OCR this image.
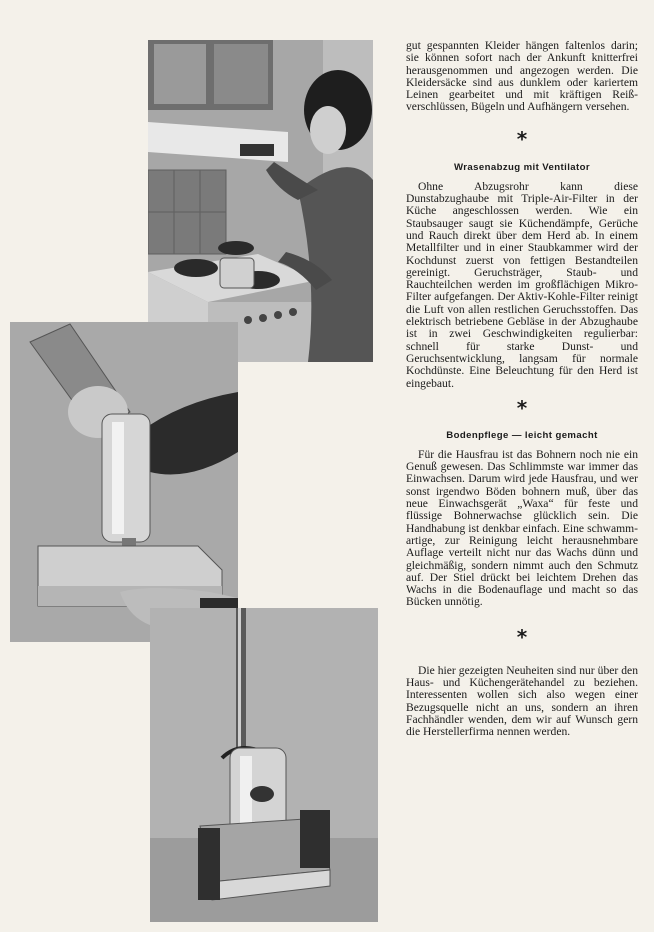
gut gespannten Kleider hängen faltenlos darin; sie können sofort nach der Ankunft knitterfrei herausgenommen und angezogen werden. Die Kleidersäcke sind aus dunklem oder kariertem Leinen gearbeitet und mit kräftigen Reißverschlüssen, Bügeln und Aufhängern versehen.

*

Wrasenabzug mit Ventilator

Ohne Abzugsrohr kann diese Dunstabzughaube mit Triple-Air-Filter in der Küche angeschlossen werden. Wie ein Staubsauger saugt sie Küchendämpfe, Gerüche und Rauch direkt über dem Herd ab. In einem Metallfilter und in einer Staubkammer wird der Kochdunst zuerst von fettigen Bestandteilen gereinigt. Geruchsträger, Staub- und Rauchteilchen werden im großflächigen Mikro-Filter aufgefangen. Der Aktiv-Kohle-Filter reinigt die Luft von allen restlichen Geruchsstoffen. Das elektrisch betriebene Gebläse in der Abzughaube ist in zwei Geschwindigkeiten regulierbar: schnell für starke Dunst- und Geruchsentwicklung, langsam für normale Kochdünste. Eine Beleuchtung für den Herd ist eingebaut.

*

Bodenpflege — leicht gemacht

Für die Hausfrau ist das Bohnern noch nie ein Genuß gewesen. Das Schlimmste war immer das Einwachsen. Darum wird jede Hausfrau, und wer sonst irgendwo Böden bohnern muß, über das neue Einwachsgerät „Waxa“ für feste und flüssige Bohnerwachse glücklich sein. Die Handhabung ist denkbar einfach. Eine schwammartige, zur Reinigung leicht herausnehmbare Auflage verteilt nicht nur das Wachs dünn und gleichmäßig, sondern nimmt auch den Schmutz auf. Der Stiel drückt bei leichtem Drehen das Wachs in die Bodenauflage und macht so das Bücken unnötig.

*

Die hier gezeigten Neuheiten sind nur über den Haus- und Küchengerätehandel zu beziehen. Interessenten wollen sich also wegen einer Bezugsquelle nicht an uns, sondern an ihren Fachhändler wenden, dem wir auf Wunsch gern die Herstellerfirma nennen werden.
